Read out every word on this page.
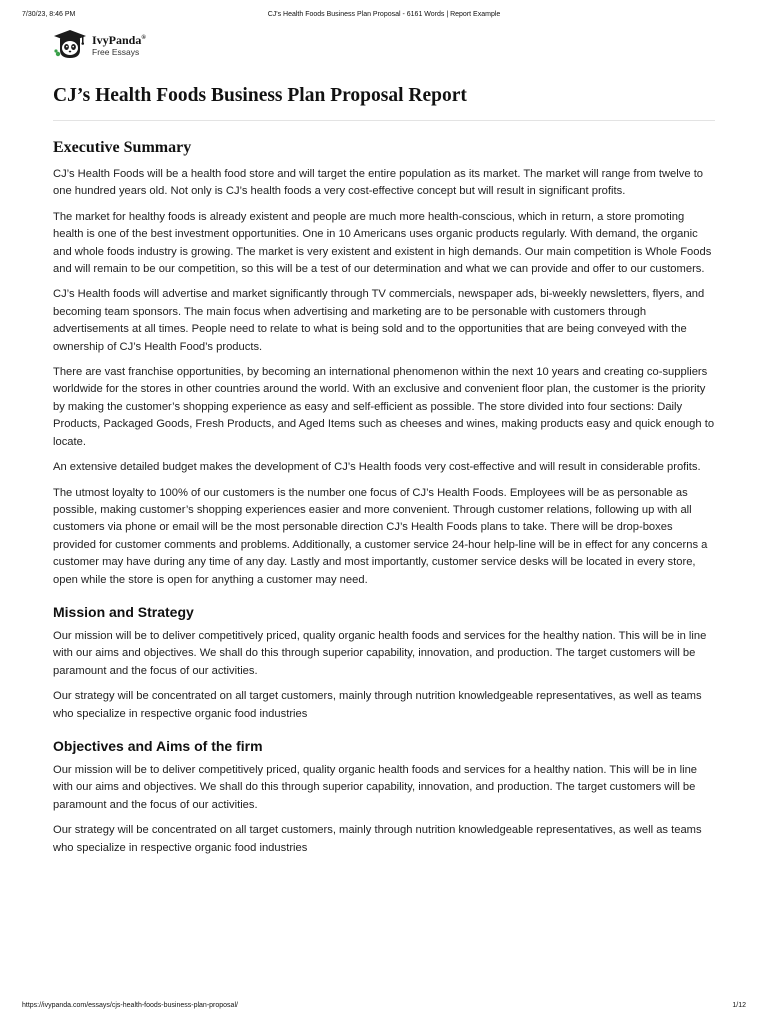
7/30/23, 8:46 PM	CJ's Health Foods Business Plan Proposal - 6161 Words | Report Example
IvyPanda®
Free Essays
CJ’s Health Foods Business Plan Proposal Report
Executive Summary

CJ’s Health Foods will be a health food store and will target the entire population as its market. The market will range from twelve to one hundred years old. Not only is CJ’s health foods a very cost-effective concept but will result in significant profits.

The market for healthy foods is already existent and people are much more health-conscious, which in return, a store promoting health is one of the best investment opportunities. One in 10 Americans uses organic products regularly. With demand, the organic and whole foods industry is growing. The market is very existent and existent in high demands. Our main competition is Whole Foods and will remain to be our competition, so this will be a test of our determination and what we can provide and offer to our customers.

CJ’s Health foods will advertise and market significantly through TV commercials, newspaper ads, bi-weekly newsletters, flyers, and becoming team sponsors. The main focus when advertising and marketing are to be personable with customers through advertisements at all times. People need to relate to what is being sold and to the opportunities that are being conveyed with the ownership of CJ’s Health Food’s products.

There are vast franchise opportunities, by becoming an international phenomenon within the next 10 years and creating co-suppliers worldwide for the stores in other countries around the world. With an exclusive and convenient floor plan, the customer is the priority by making the customer’s shopping experience as easy and self-efficient as possible. The store divided into four sections: Daily Products, Packaged Goods, Fresh Products, and Aged Items such as cheeses and wines, making products easy and quick enough to locate.

An extensive detailed budget makes the development of CJ’s Health foods very cost-effective and will result in considerable profits.

The utmost loyalty to 100% of our customers is the number one focus of CJ’s Health Foods. Employees will be as personable as possible, making customer’s shopping experiences easier and more convenient. Through customer relations, following up with all customers via phone or email will be the most personable direction CJ’s Health Foods plans to take. There will be drop-boxes provided for customer comments and problems. Additionally, a customer service 24-hour help-line will be in effect for any concerns a customer may have during any time of any day. Lastly and most importantly, customer service desks will be located in every store, open while the store is open for anything a customer may need.

Mission and Strategy

Our mission will be to deliver competitively priced, quality organic health foods and services for the healthy nation. This will be in line with our aims and objectives. We shall do this through superior capability, innovation, and production. The target customers will be paramount and the focus of our activities.

Our strategy will be concentrated on all target customers, mainly through nutrition knowledgeable representatives, as well as teams who specialize in respective organic food industries

Objectives and Aims of the firm

Our mission will be to deliver competitively priced, quality organic health foods and services for a healthy nation. This will be in line with our aims and objectives. We shall do this through superior capability, innovation, and production. The target customers will be paramount and the focus of our activities.

Our strategy will be concentrated on all target customers, mainly through nutrition knowledgeable representatives, as well as teams who specialize in respective organic food industries

https://ivypanda.com/essays/cjs-health-foods-business-plan-proposal/	1/12
